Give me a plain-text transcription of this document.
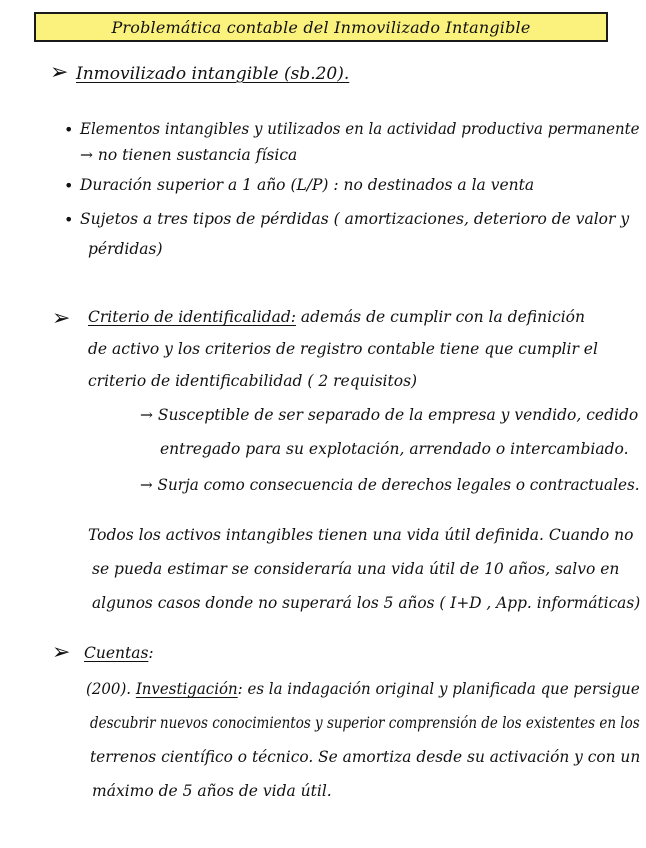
Problemática contable del Inmovilizado Intangible
➢ Inmovilizado intangible (sb.20).
• Elementos intangibles y utilizados en la actividad productiva permanente
→ no tienen sustancia física
• Duración superior a 1 año (L/P) : no destinados a la venta
• Sujetos a tres tipos de pérdidas ( amortizaciones, deterioro de valor y
pérdidas)
➢ Criterio de identificalidad: además de cumplir con la definición
de activo y los criterios de registro contable tiene que cumplir el
criterio de identificabilidad ( 2 requisitos)
→ Susceptible de ser separado de la empresa y vendido, cedido
entregado para su explotación, arrendado o intercambiado.
→ Surja como consecuencia de derechos legales o contractuales.
Todos los activos intangibles tienen una vida útil definida. Cuando no
se pueda estimar se consideraría una vida útil de 10 años, salvo en
algunos casos donde no superará los 5 años ( I+D , App. informáticas)
➢ Cuentas:
(200). Investigación: es la indagación original y planificada que persigue
descubrir nuevos conocimientos y superior comprensión de los existentes en los
terrenos científico o técnico. Se amortiza desde su activación y con un
máximo de 5 años de vida útil.
